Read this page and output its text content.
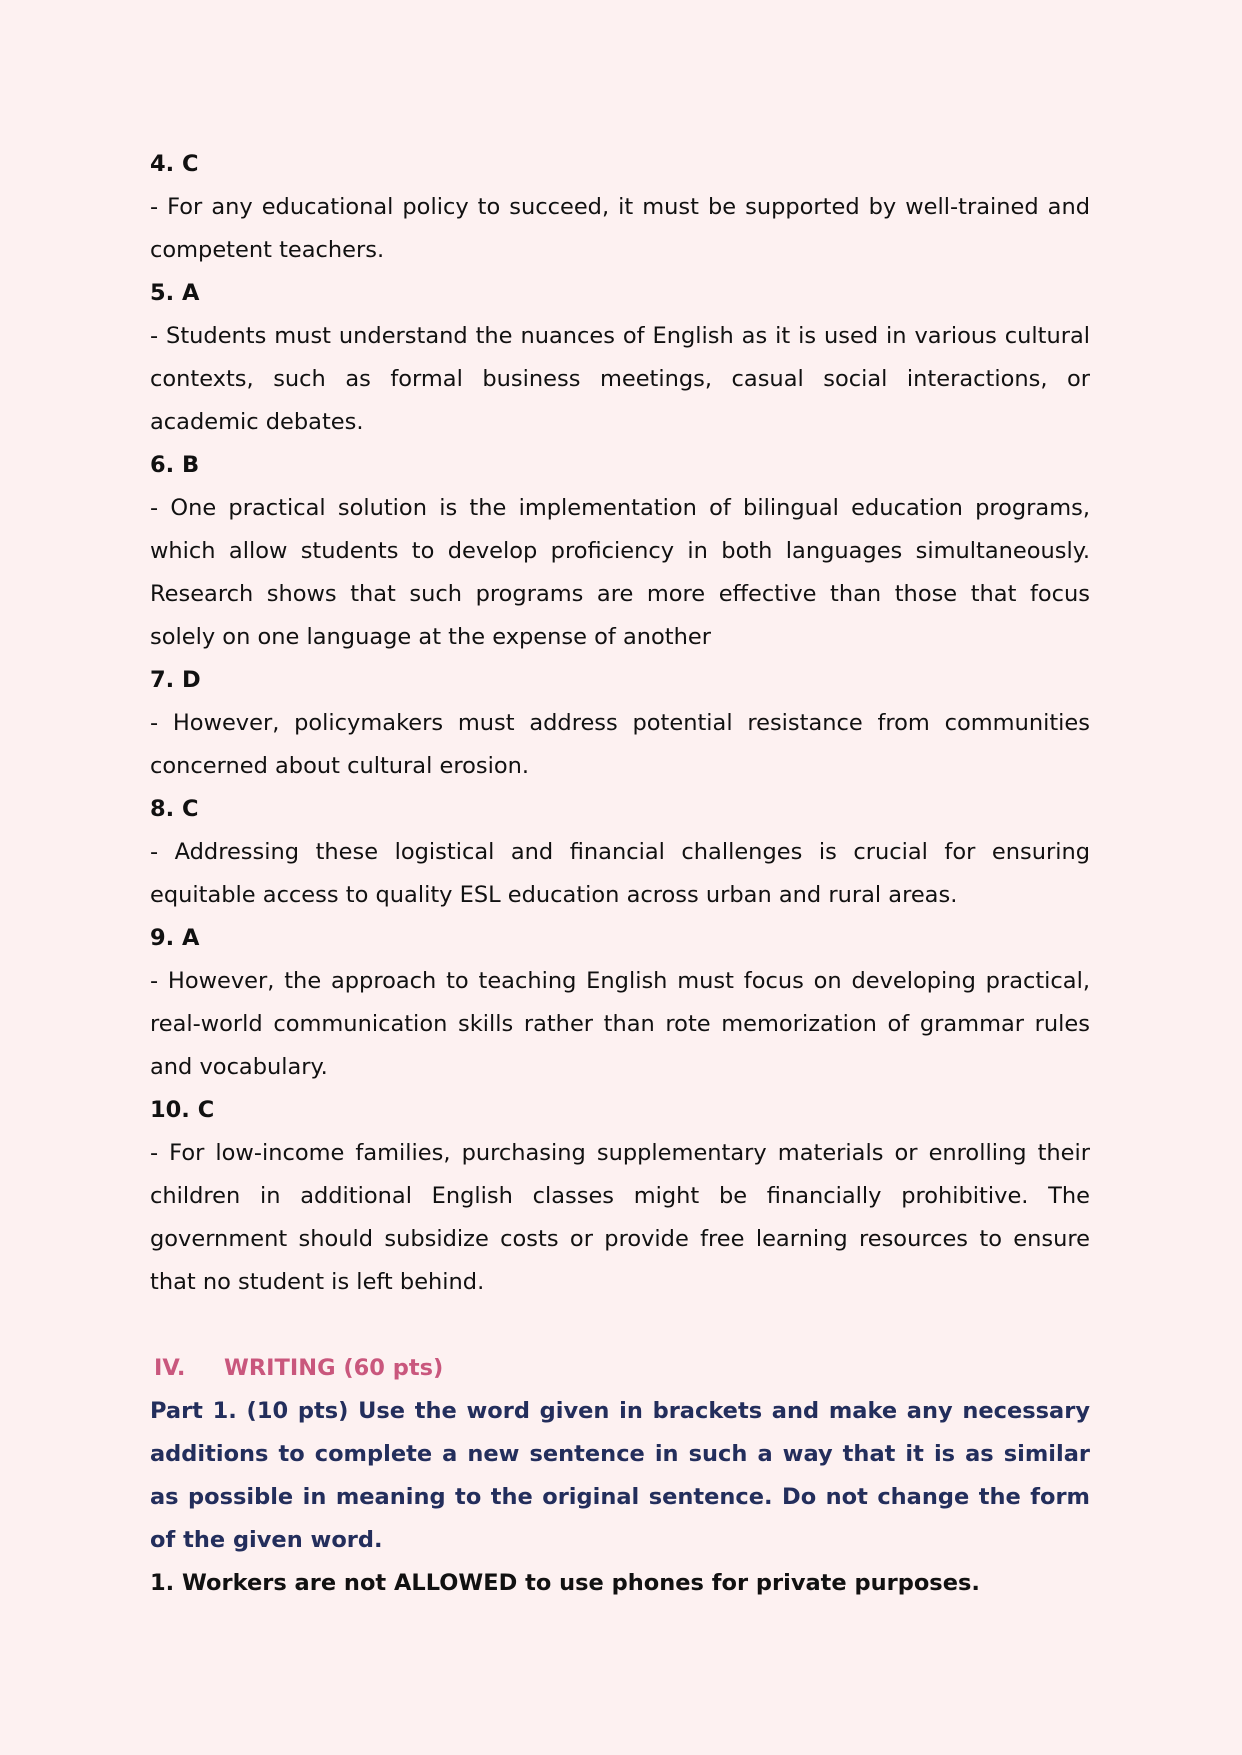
4. C

- For any educational policy to succeed, it must be supported by well-trained and competent teachers.

5. A

- Students must understand the nuances of English as it is used in various cultural contexts, such as formal business meetings, casual social interactions, or academic debates.

6. B

- One practical solution is the implementation of bilingual education programs, which allow students to develop proficiency in both languages simultaneously. Research shows that such programs are more effective than those that focus solely on one language at the expense of another

7. D

- However, policymakers must address potential resistance from communities concerned about cultural erosion.

8. C

- Addressing these logistical and financial challenges is crucial for ensuring equitable access to quality ESL education across urban and rural areas.

9. A

- However, the approach to teaching English must focus on developing practical, real-world communication skills rather than rote memorization of grammar rules and vocabulary.

10. C

- For low-income families, purchasing supplementary materials or enrolling their children in additional English classes might be financially prohibitive. The government should subsidize costs or provide free learning resources to ensure that no student is left behind.

IV. WRITING (60 pts)

Part 1. (10 pts) Use the word given in brackets and make any necessary additions to complete a new sentence in such a way that it is as similar as possible in meaning to the original sentence. Do not change the form of the given word.

1. Workers are not ALLOWED to use phones for private purposes.
